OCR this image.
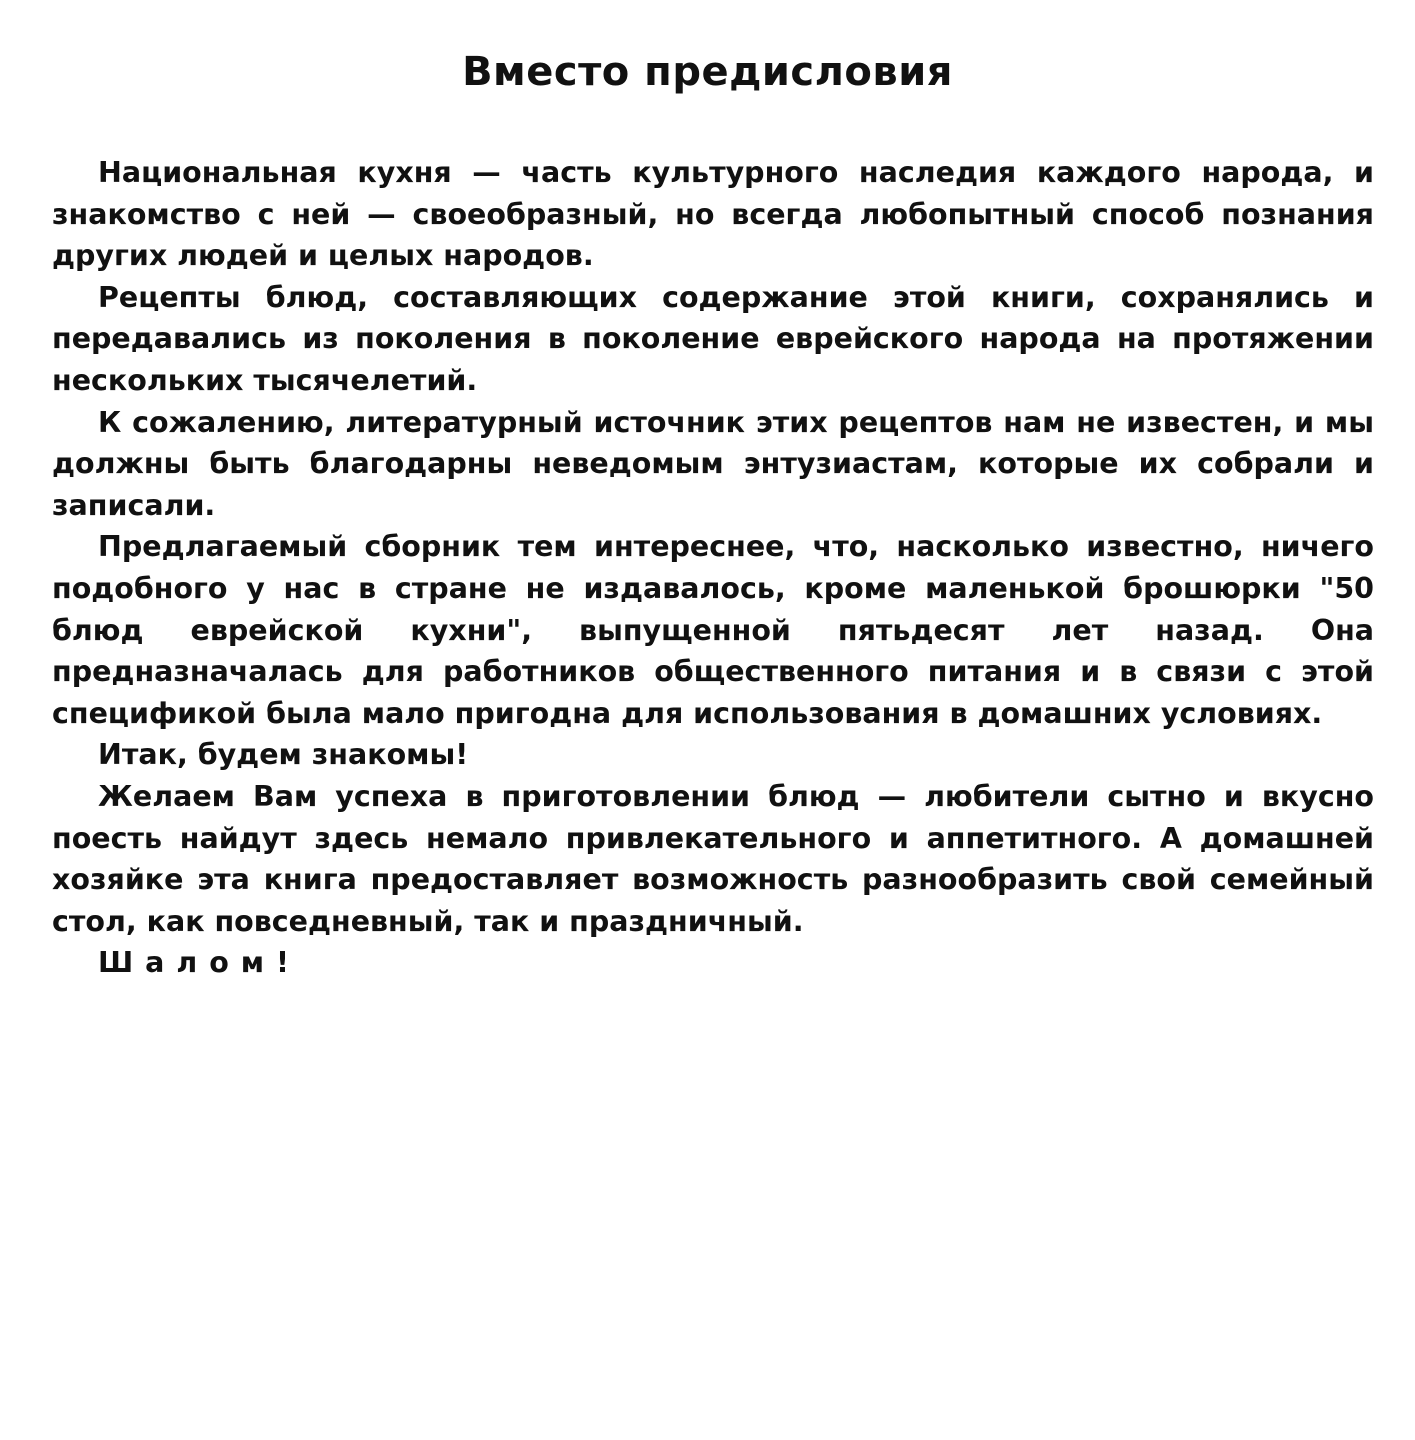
Вместо предисловия

Национальная кухня — часть культурного наследия каждого народа, и знакомство с ней — своеобразный, но всегда любопытный способ познания других людей и целых народов.

Рецепты блюд, составляющих содержание этой книги, сохранялись и передавались из поколения в поколение еврейского народа на протяжении нескольких тысячелетий.

К сожалению, литературный источник этих рецептов нам не известен, и мы должны быть благодарны неведомым энтузиастам, которые их собрали и записали.

Предлагаемый сборник тем интереснее, что, насколько известно, ничего подобного у нас в стране не издавалось, кроме маленькой брошюрки "50 блюд еврейской кухни", выпущенной пятьдесят лет назад. Она предназначалась для работников общественного питания и в связи с этой спецификой была мало пригодна для использования в домашних условиях.

Итак, будем знакомы!

Желаем Вам успеха в приготовлении блюд — любители сытно и вкусно поесть найдут здесь немало привлекательного и аппетитного. А домашней хозяйке эта книга предоставляет возможность разнообразить свой семейный стол, как повседневный, так и праздничный.

Шалом!
